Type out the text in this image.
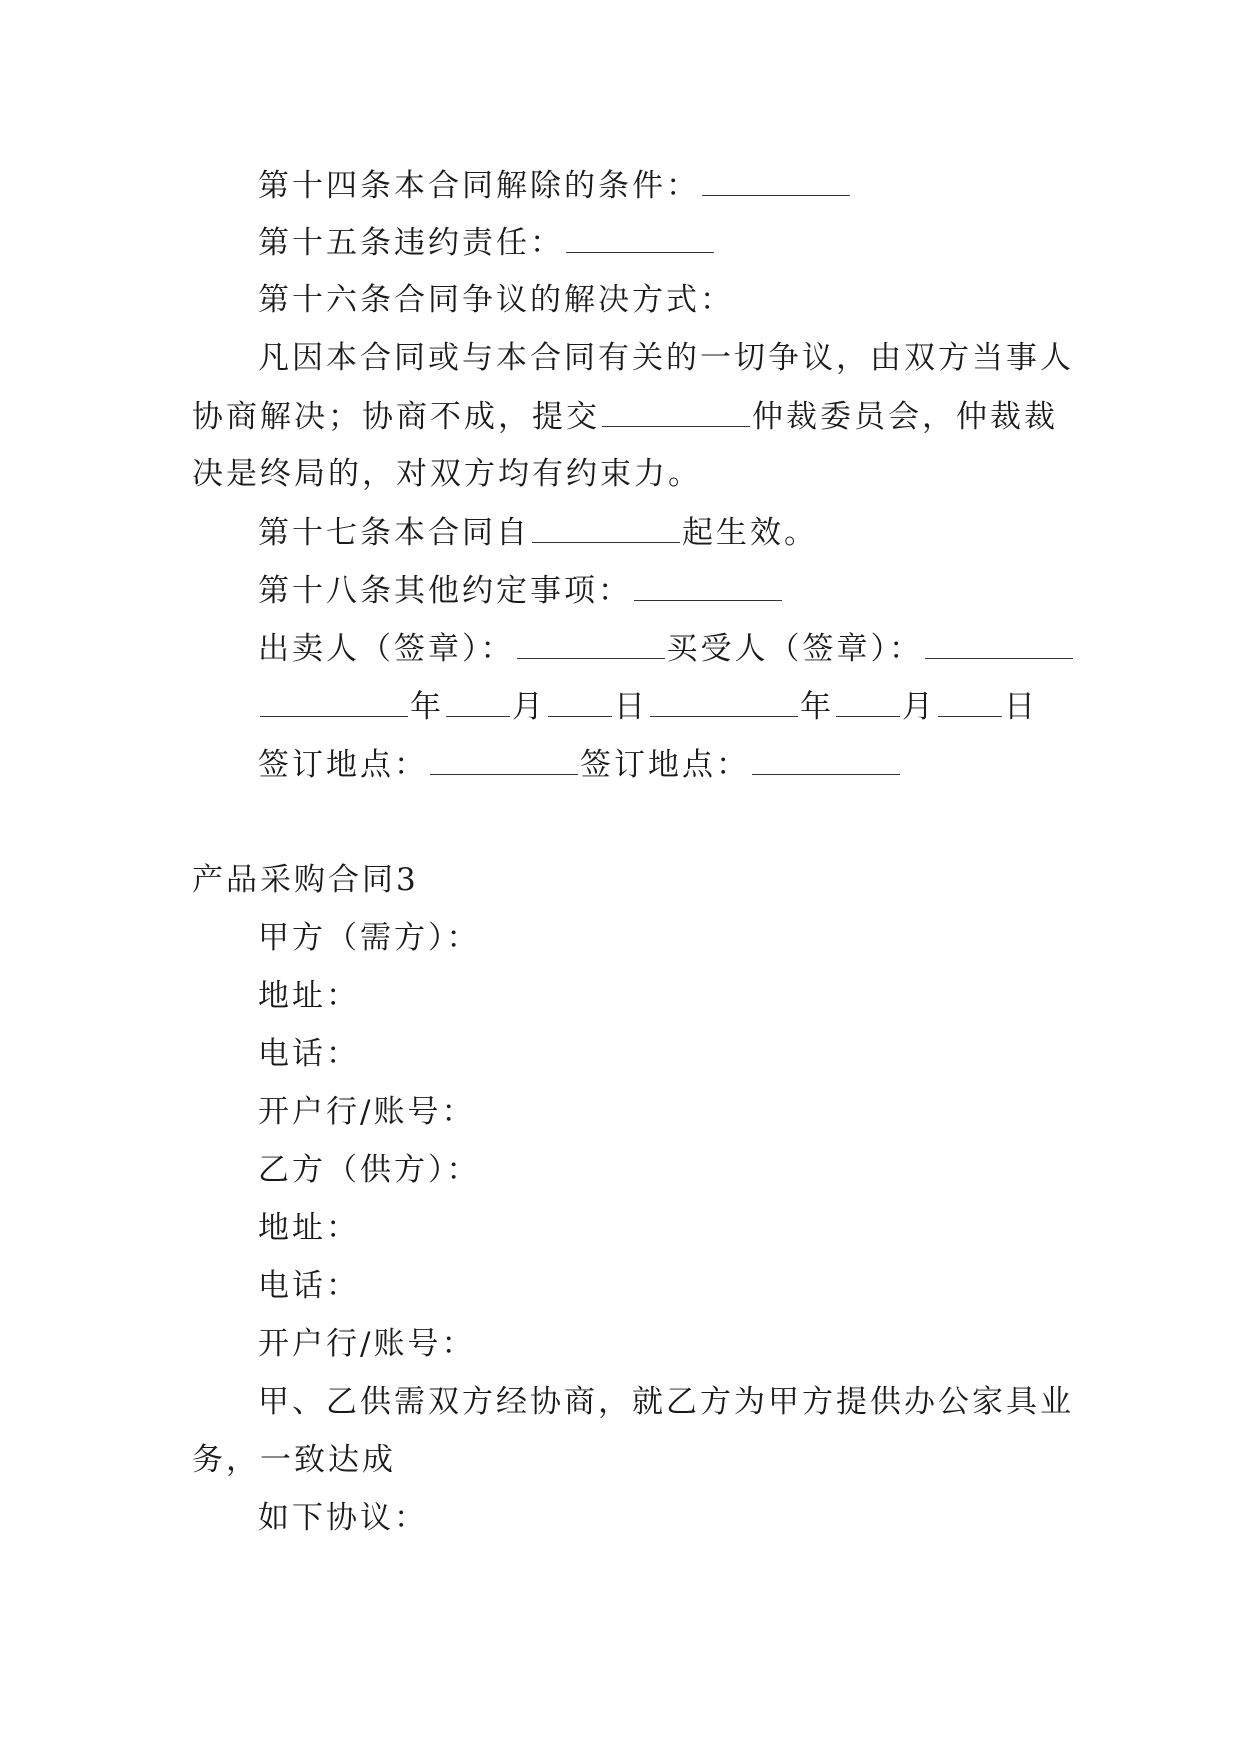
第十四条本合同解除的条件：
第十五条违约责任：
第十六条合同争议的解决方式：
凡因本合同或与本合同有关的一切争议，由双方当事人
协商解决；协商不成，提交	仲裁委员会，仲裁裁
决是终局的，对双方均有约束力。
第十七条本合同自	起生效。
第十八条其他约定事项：
出卖人（签章）：	买受人（签章）：
年 月 日	年 月 日
签订地点：	签订地点：
产品采购合同3
甲方（需方）：
地址：
电话：
开户行/账号：
乙方（供方）：
地址：
电话：
开户行/账号：
甲、乙供需双方经协商，就乙方为甲方提供办公家具业
务，一致达成
如下协议：
